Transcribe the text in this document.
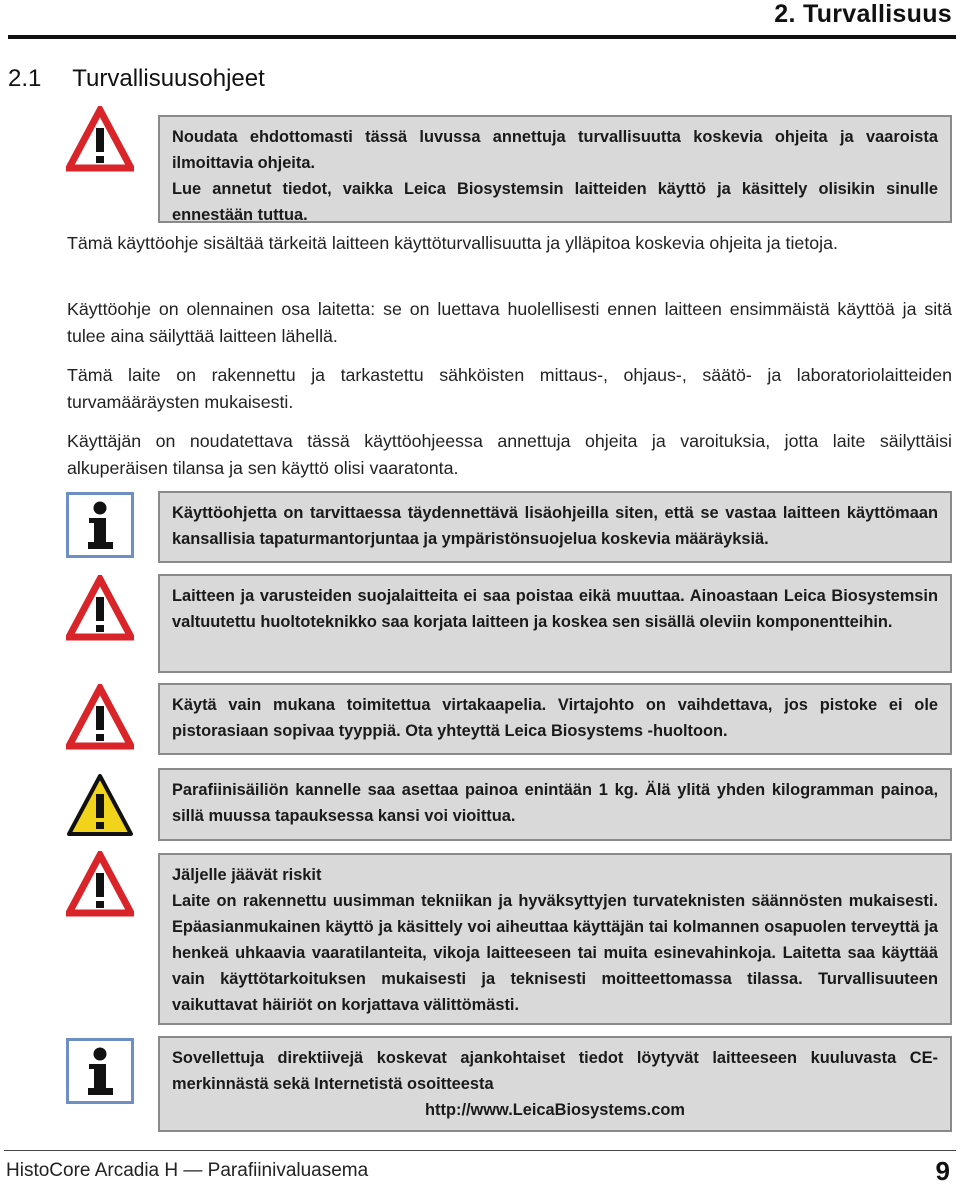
2. Turvallisuus
2.1 Turvallisuusohjeet

Noudata ehdottomasti tässä luvussa annettuja turvallisuutta koskevia ohjeita ja vaaroista ilmoittavia ohjeita.

Lue annetut tiedot, vaikka Leica Biosystemsin laitteiden käyttö ja käsittely olisikin sinulle ennestään tuttua.

Tämä käyttöohje sisältää tärkeitä laitteen käyttöturvallisuutta ja ylläpitoa koskevia ohjeita ja tietoja.

Käyttöohje on olennainen osa laitetta: se on luettava huolellisesti ennen laitteen ensimmäistä käyttöä ja sitä tulee aina säilyttää laitteen lähellä.

Tämä laite on rakennettu ja tarkastettu sähköisten mittaus-, ohjaus-, säätö- ja laboratoriolaitteiden turvamääräysten mukaisesti.

Käyttäjän on noudatettava tässä käyttöohjeessa annettuja ohjeita ja varoituksia, jotta laite säilyttäisi alkuperäisen tilansa ja sen käyttö olisi vaaratonta.

Käyttöohjetta on tarvittaessa täydennettävä lisäohjeilla siten, että se vastaa laitteen käyttömaan kansallisia tapaturmantorjuntaa ja ympäristönsuojelua koskevia määräyksiä.

Laitteen ja varusteiden suojalaitteita ei saa poistaa eikä muuttaa. Ainoastaan Leica Biosystemsin valtuutettu huoltoteknikko saa korjata laitteen ja koskea sen sisällä oleviin komponentteihin.

Käytä vain mukana toimitettua virtakaapelia. Virtajohto on vaihdettava, jos pistoke ei ole pistorasiaan sopivaa tyyppiä. Ota yhteyttä Leica Biosystems -huoltoon.

Parafiinisäiliön kannelle saa asettaa painoa enintään 1 kg. Älä ylitä yhden kilogramman painoa, sillä muussa tapauksessa kansi voi vioittua.

Jäljelle jäävät riskit

Laite on rakennettu uusimman tekniikan ja hyväksyttyjen turvateknisten säännösten mukaisesti. Epäasianmukainen käyttö ja käsittely voi aiheuttaa käyttäjän tai kolmannen osapuolen terveyttä ja henkeä uhkaavia vaaratilanteita, vikoja laitteeseen tai muita esinevahinkoja. Laitetta saa käyttää vain käyttötarkoituksen mukaisesti ja teknisesti moitteettomassa tilassa. Turvallisuuteen vaikuttavat häiriöt on korjattava välittömästi.

Sovellettuja direktiivejä koskevat ajankohtaiset tiedot löytyvät laitteeseen kuuluvasta CE-merkinnästä sekä Internetistä osoitteesta

http://www.LeicaBiosystems.com

HistoCore Arcadia H — Parafiinivaluasema	9
